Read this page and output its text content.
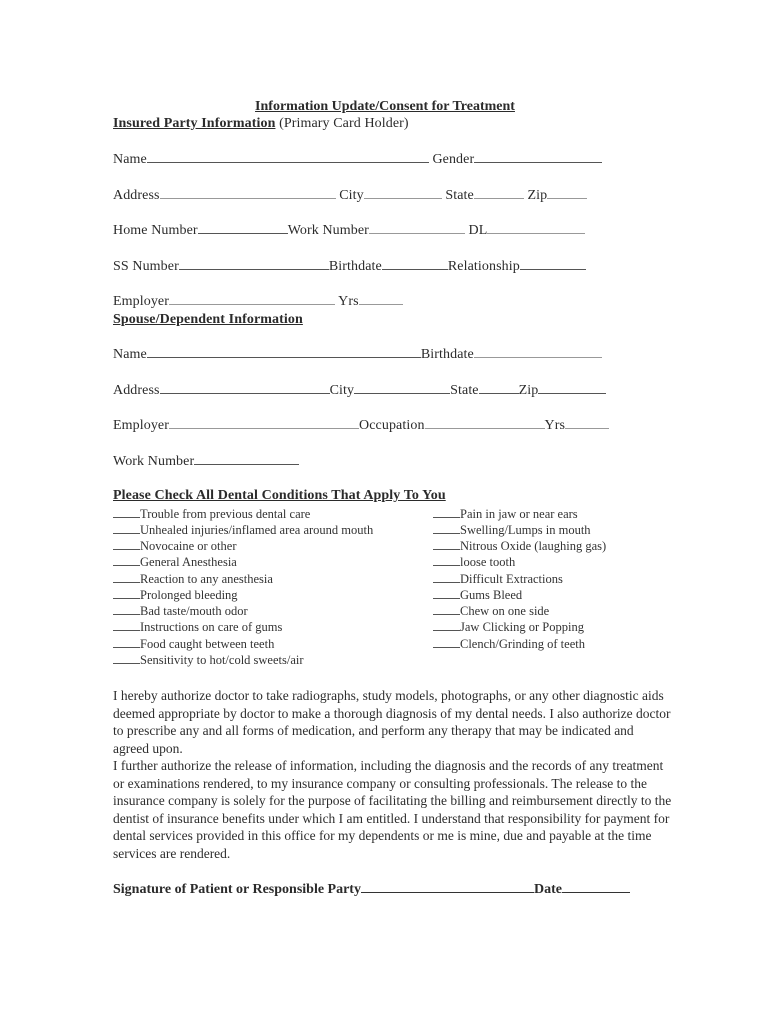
Information Update/Consent for Treatment
Insured Party Information (Primary Card Holder)
Name	Gender
Address	City	State	Zip
Home Number	Work Number	DL
SS Number	Birthdate	Relationship
Employer	Yrs
Spouse/Dependent Information
Name	Birthdate
Address	City	State	Zip
Employer	Occupation	Yrs
Work Number
Please Check All Dental Conditions That Apply To You
Trouble from previous dental care
Unhealed injuries/inflamed area around mouth
Novocaine or other
General Anesthesia
Reaction to any anesthesia
Prolonged bleeding
Bad taste/mouth odor
Instructions on care of gums
Food caught between teeth
Sensitivity to hot/cold sweets/air
Pain in jaw or near ears
Swelling/Lumps in mouth
Nitrous Oxide (laughing gas)
loose tooth
Difficult Extractions
Gums Bleed
Chew on one side
Jaw Clicking or Popping
Clench/Grinding of teeth

I hereby authorize doctor to take radiographs, study models, photographs, or any other diagnostic aids deemed appropriate by doctor to make a thorough diagnosis of my dental needs. I also authorize doctor to prescribe any and all forms of medication, and perform any therapy that may be indicated and agreed upon.

I further authorize the release of information, including the diagnosis and the records of any treatment or examinations rendered, to my insurance company or consulting professionals. The release to the insurance company is solely for the purpose of facilitating the billing and reimbursement directly to the dentist of insurance benefits under which I am entitled. I understand that responsibility for payment for dental services provided in this office for my dependents or me is mine, due and payable at the time services are rendered.

Signature of Patient or Responsible Party	Date
